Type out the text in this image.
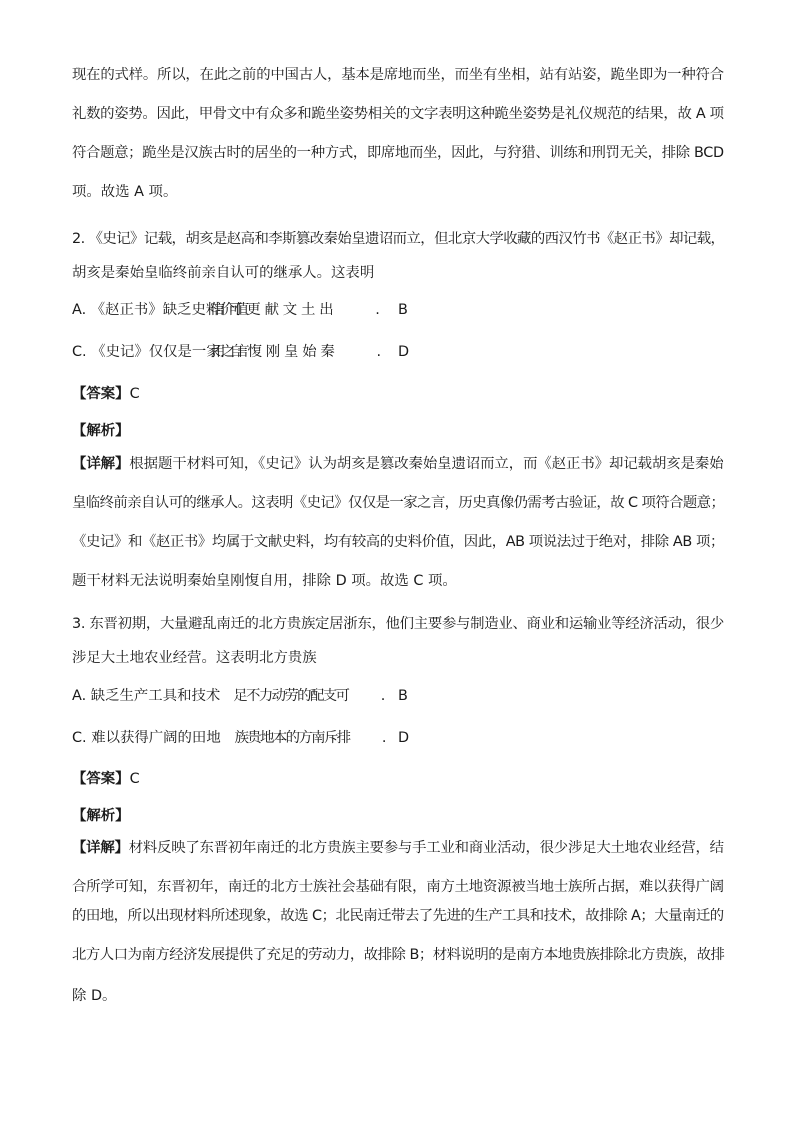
现在的式样。所以，在此之前的中国古人，基本是席地而坐，而坐有坐相，站有站姿，跪坐即为一种符合
礼数的姿势。因此，甲骨文中有众多和跪坐姿势相关的文字表明这种跪坐姿势是礼仪规范的结果，故 A 项
符合题意；跪坐是汉族古时的居坐的一种方式，即席地而坐，因此，与狩猎、训练和刑罚无关，排除 BCD
项。故选 A 项。
2. 《史记》记载，胡亥是赵高和李斯篡改秦始皇遗诏而立，但北京大学收藏的西汉竹书《赵正书》却记载，
胡亥是秦始皇临终前亲自认可的继承人。这表明
A. 《赵正书》缺乏史料价值
C. 《史记》仅仅是一家之言
【答案】C
【解析】
【详解】根据题干材料可知，《史记》认为胡亥是篡改秦始皇遗诏而立，而《赵正书》却记载胡亥是秦始
皇临终前亲自认可的继承人。这表明《史记》仅仅是一家之言，历史真像仍需考古验证，故 C 项符合题意；
《史记》和《赵正书》均属于文献史料，均有较高的史料价值，因此，AB 项说法过于绝对，排除 AB 项；
题干材料无法说明秦始皇刚愎自用，排除 D 项。故选 C 项。
3. 东晋初期，大量避乱南迁的北方贵族定居浙东，他们主要参与制造业、商业和运输业等经济活动，很少
涉足大土地农业经营。这表明北方贵族
A. 缺乏生产工具和技术
C. 难以获得广阔的田地
【答案】C
【解析】
【详解】材料反映了东晋初年南迁的北方贵族主要参与手工业和商业活动，很少涉足大土地农业经营，结
合所学可知，东晋初年，南迁的北方士族社会基础有限，南方土地资源被当地士族所占据，难以获得广阔
的田地，所以出现材料所述现象，故选 C；北民南迁带去了先进的生产工具和技术，故排除 A；大量南迁的
北方人口为南方经济发展提供了充足的劳动力，故排除 B；材料说明的是南方本地贵族排除北方贵族，故排
除 D。
